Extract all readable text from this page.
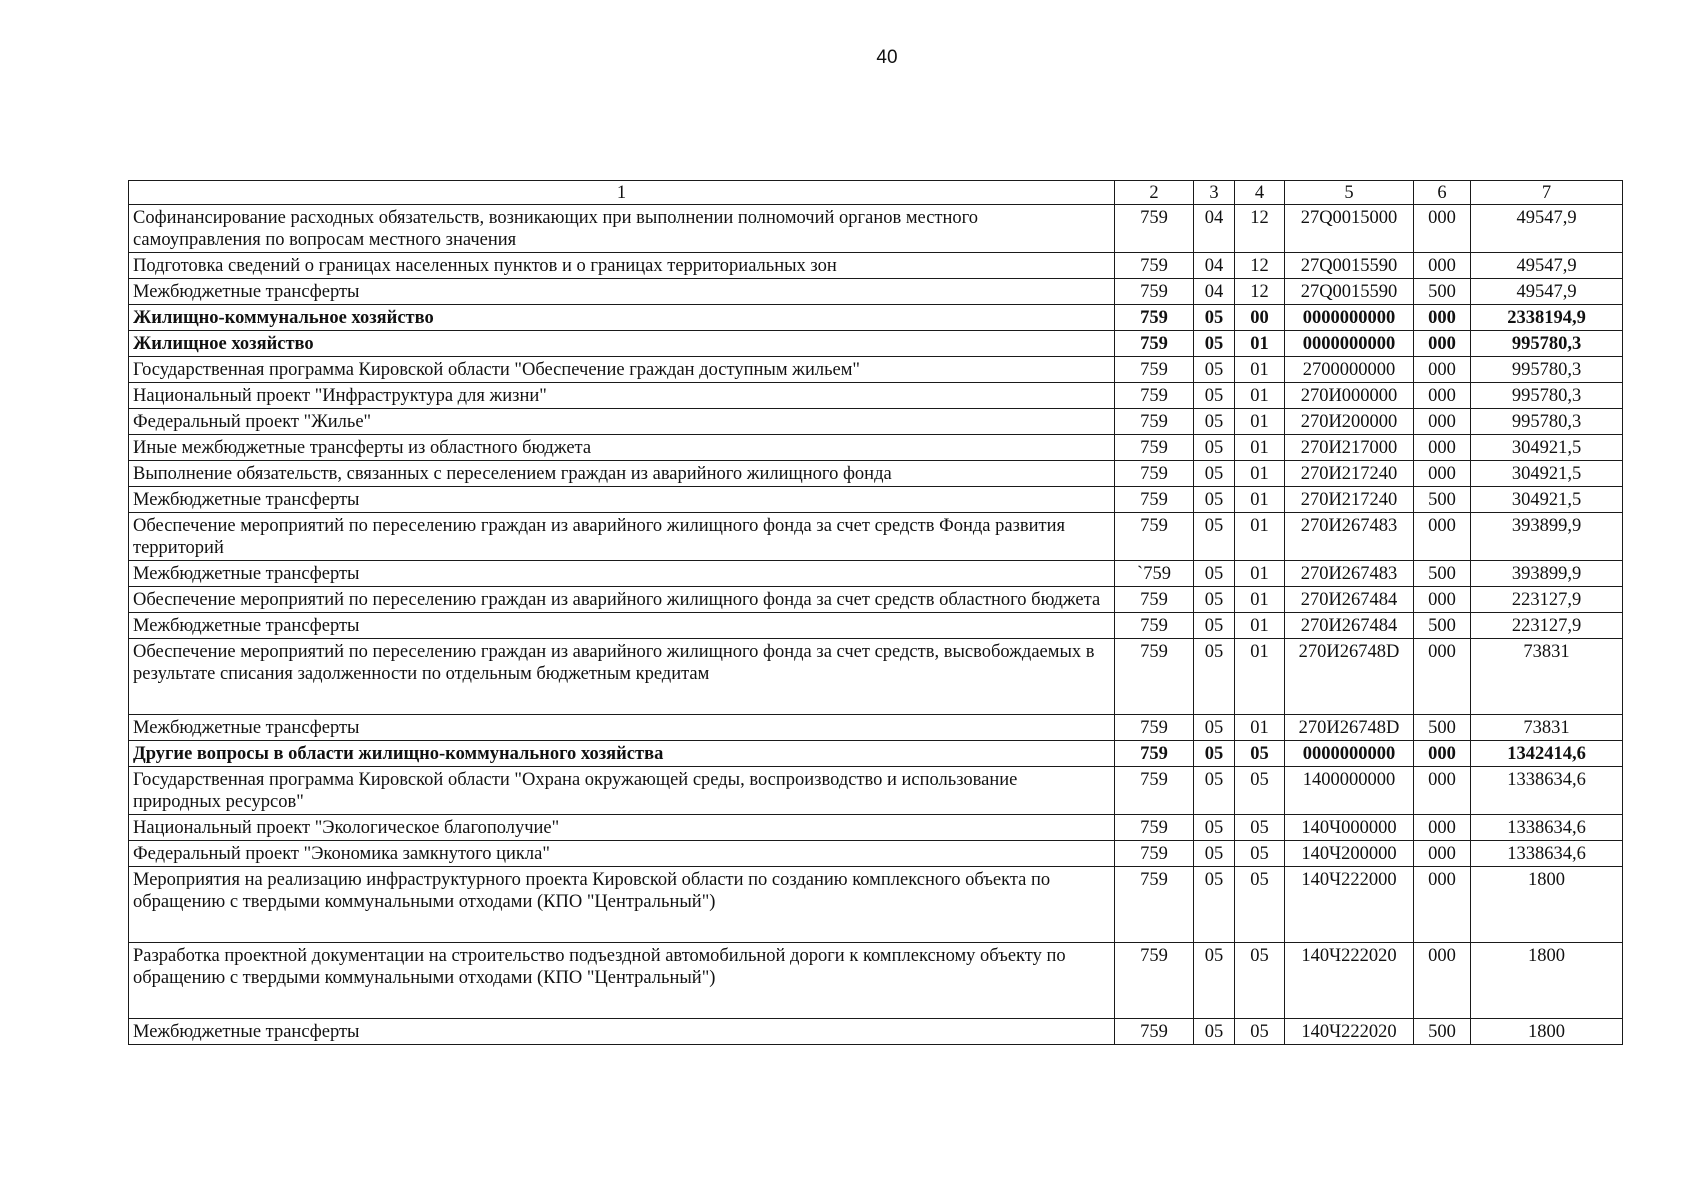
40
1	2	3	4	5	6	7
Софинансирование расходных обязательств, возникающих при выполнении полномочий органов местного самоуправления по вопросам местного значения	759	04	12	27Q0015000	000	49547,9
Подготовка сведений о границах населенных пунктов и о границах территориальных зон	759	04	12	27Q0015590	000	49547,9
Межбюджетные трансферты	759	04	12	27Q0015590	500	49547,9
Жилищно-коммунальное хозяйство	759	05	00	0000000000	000	2338194,9
Жилищное хозяйство	759	05	01	0000000000	000	995780,3
Государственная программа Кировской области "Обеспечение граждан доступным жильем"	759	05	01	2700000000	000	995780,3
Национальный проект "Инфраструктура для жизни"	759	05	01	270И000000	000	995780,3
Федеральный проект "Жилье"	759	05	01	270И200000	000	995780,3
Иные межбюджетные трансферты из областного бюджета	759	05	01	270И217000	000	304921,5
Выполнение обязательств, связанных с переселением граждан из аварийного жилищного фонда	759	05	01	270И217240	000	304921,5
Межбюджетные трансферты	759	05	01	270И217240	500	304921,5
Обеспечение мероприятий по переселению граждан из аварийного жилищного фонда за счет средств Фонда развития территорий	759	05	01	270И267483	000	393899,9
Межбюджетные трансферты	`759	05	01	270И267483	500	393899,9
Обеспечение мероприятий по переселению граждан из аварийного жилищного фонда за счет средств областного бюджета	759	05	01	270И267484	000	223127,9
Межбюджетные трансферты	759	05	01	270И267484	500	223127,9
Обеспечение мероприятий по переселению граждан из аварийного жилищного фонда за счет средств, высвобождаемых в результате списания задолженности по отдельным бюджетным кредитам	759	05	01	270И26748D	000	73831
Межбюджетные трансферты	759	05	01	270И26748D	500	73831
Другие вопросы в области жилищно-коммунального хозяйства	759	05	05	0000000000	000	1342414,6
Государственная программа Кировской области "Охрана окружающей среды, воспроизводство и использование природных ресурсов"	759	05	05	1400000000	000	1338634,6
Национальный проект "Экологическое благополучие"	759	05	05	140Ч000000	000	1338634,6
Федеральный проект "Экономика замкнутого цикла"	759	05	05	140Ч200000	000	1338634,6
Мероприятия на реализацию инфраструктурного проекта Кировской области по созданию комплексного объекта по обращению с твердыми коммунальными отходами (КПО "Центральный")	759	05	05	140Ч222000	000	1800
Разработка проектной документации на строительство подъездной автомобильной дороги к комплексному объекту по обращению с твердыми коммунальными отходами (КПО "Центральный")	759	05	05	140Ч222020	000	1800
Межбюджетные трансферты	759	05	05	140Ч222020	500	1800
